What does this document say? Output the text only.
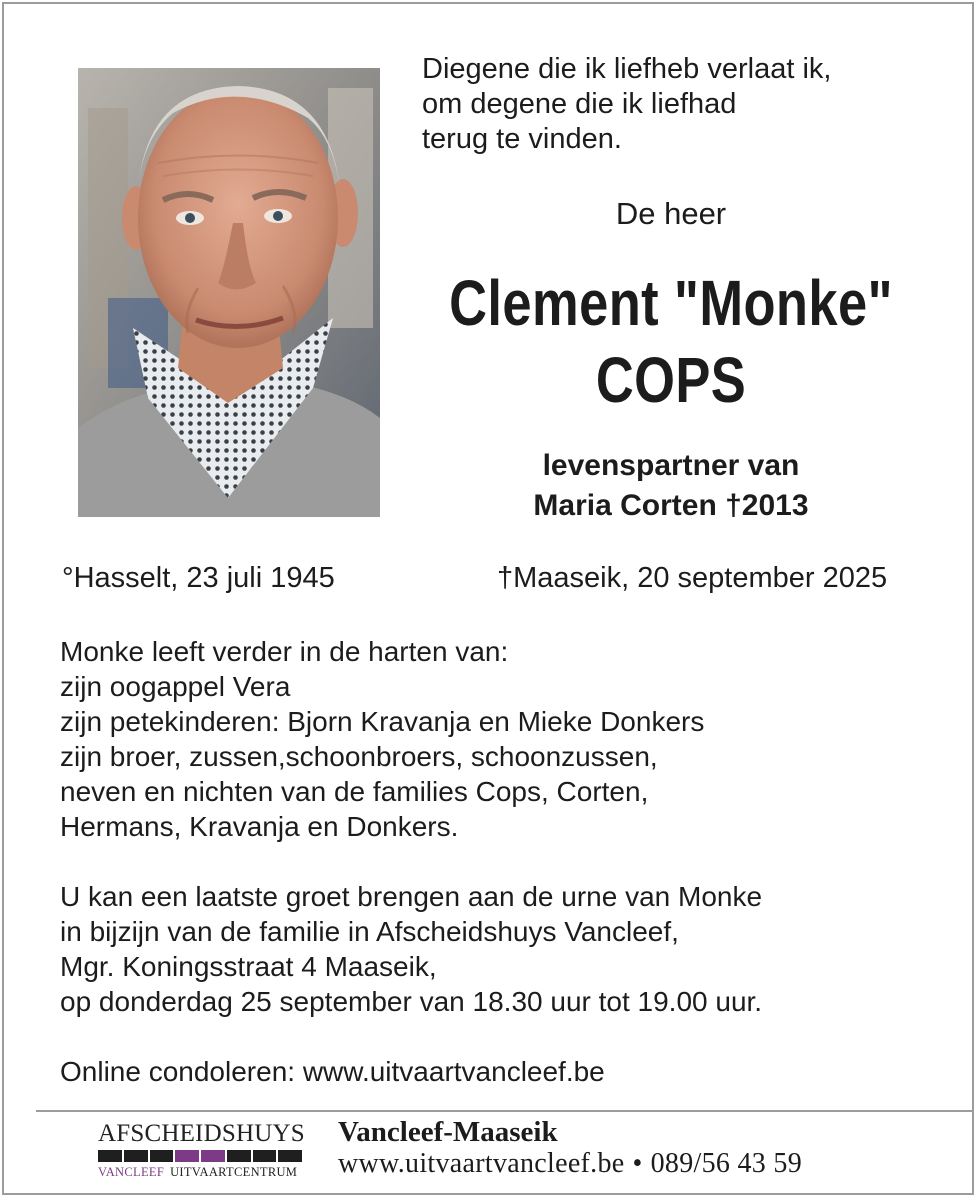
Diegene die ik liefheb verlaat ik,
om degene die ik liefhad
terug te vinden.
De heer
Clement "Monke"
COPS
levenspartner van
Maria Corten †2013
°Hasselt, 23 juli 1945	†Maaseik, 20 september 2025
Monke leeft verder in de harten van:
zijn oogappel Vera
zijn petekinderen: Bjorn Kravanja en Mieke Donkers
zijn broer, zussen,schoonbroers, schoonzussen,
neven en nichten van de families Cops, Corten,
Hermans, Kravanja en Donkers.
U kan een laatste groet brengen aan de urne van Monke
in bijzijn van de familie in Afscheidshuys Vancleef,
Mgr. Koningsstraat 4 Maaseik,
op donderdag 25 september van 18.30 uur tot 19.00 uur.
Online condoleren: www.uitvaartvancleef.be
AFSCHEIDSHUYS
VANCLEEF UITVAARTCENTRUM
Vancleef-Maaseik
www.uitvaartvancleef.be • 089/56 43 59
